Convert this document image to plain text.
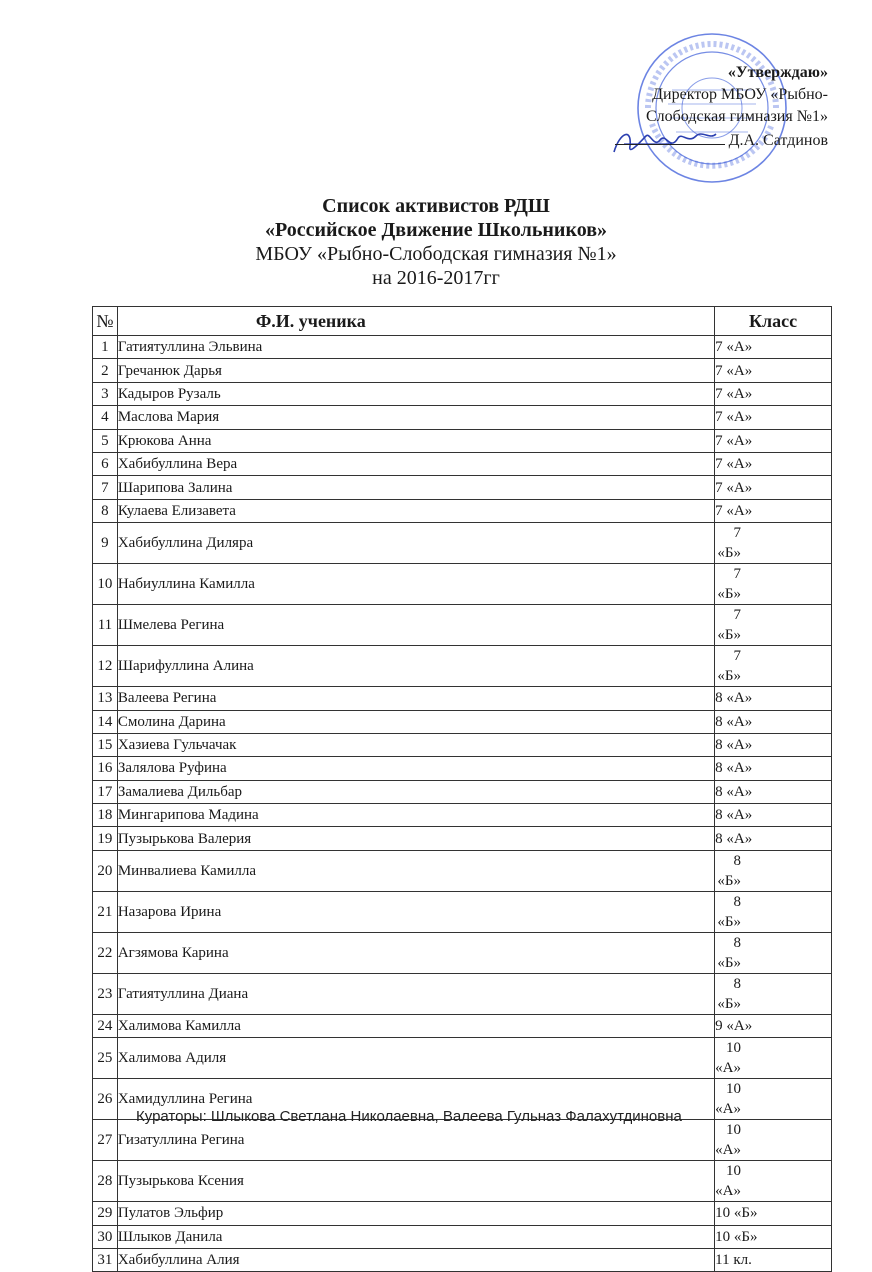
«Утверждаю»
Директор МБОУ «Рыбно-
Слободская гимназия №1»
Д.А. Сатдинов
Список активистов РДШ
«Российское Движение Школьников»
МБОУ «Рыбно-Слободская гимназия №1»
на 2016-2017гг
№	Ф.И. ученика	Класс
1	Гатиятуллина Эльвина	7 «А»
2	Гречанюк Дарья	7 «А»
3	Кадыров Рузаль	7 «А»
4	Маслова Мария	7 «А»
5	Крюкова Анна	7 «А»
6	Хабибуллина Вера	7 «А»
7	Шарипова Залина	7 «А»
8	Кулаева Елизавета	7 «А»
9	Хабибуллина Диляра	7 «Б»
10	Набиуллина Камилла	7 «Б»
11	Шмелева Регина	7 «Б»
12	Шарифуллина Алина	7 «Б»
13	Валеева Регина	8 «А»
14	Смолина Дарина	8 «А»
15	Хазиева Гульчачак	8 «А»
16	Залялова Руфина	8 «А»
17	Замалиева Дильбар	8 «А»
18	Мингарипова Мадина	8 «А»
19	Пузырькова Валерия	8 «А»
20	Минвалиева Камилла	8 «Б»
21	Назарова Ирина	8 «Б»
22	Агзямова Карина	8 «Б»
23	Гатиятуллина Диана	8 «Б»
24	Халимова Камилла	9 «А»
25	Халимова Адиля	10 «А»
26	Хамидуллина Регина	10 «А»
27	Гизатуллина Регина	10 «А»
28	Пузырькова Ксения	10 «А»
29	Пулатов Эльфир	10 «Б»
30	Шлыков Данила	10 «Б»
31	Хабибуллина Алия	11 кл.
Кураторы: Шлыкова Светлана Николаевна, Валеева Гульназ Фалахутдиновна
